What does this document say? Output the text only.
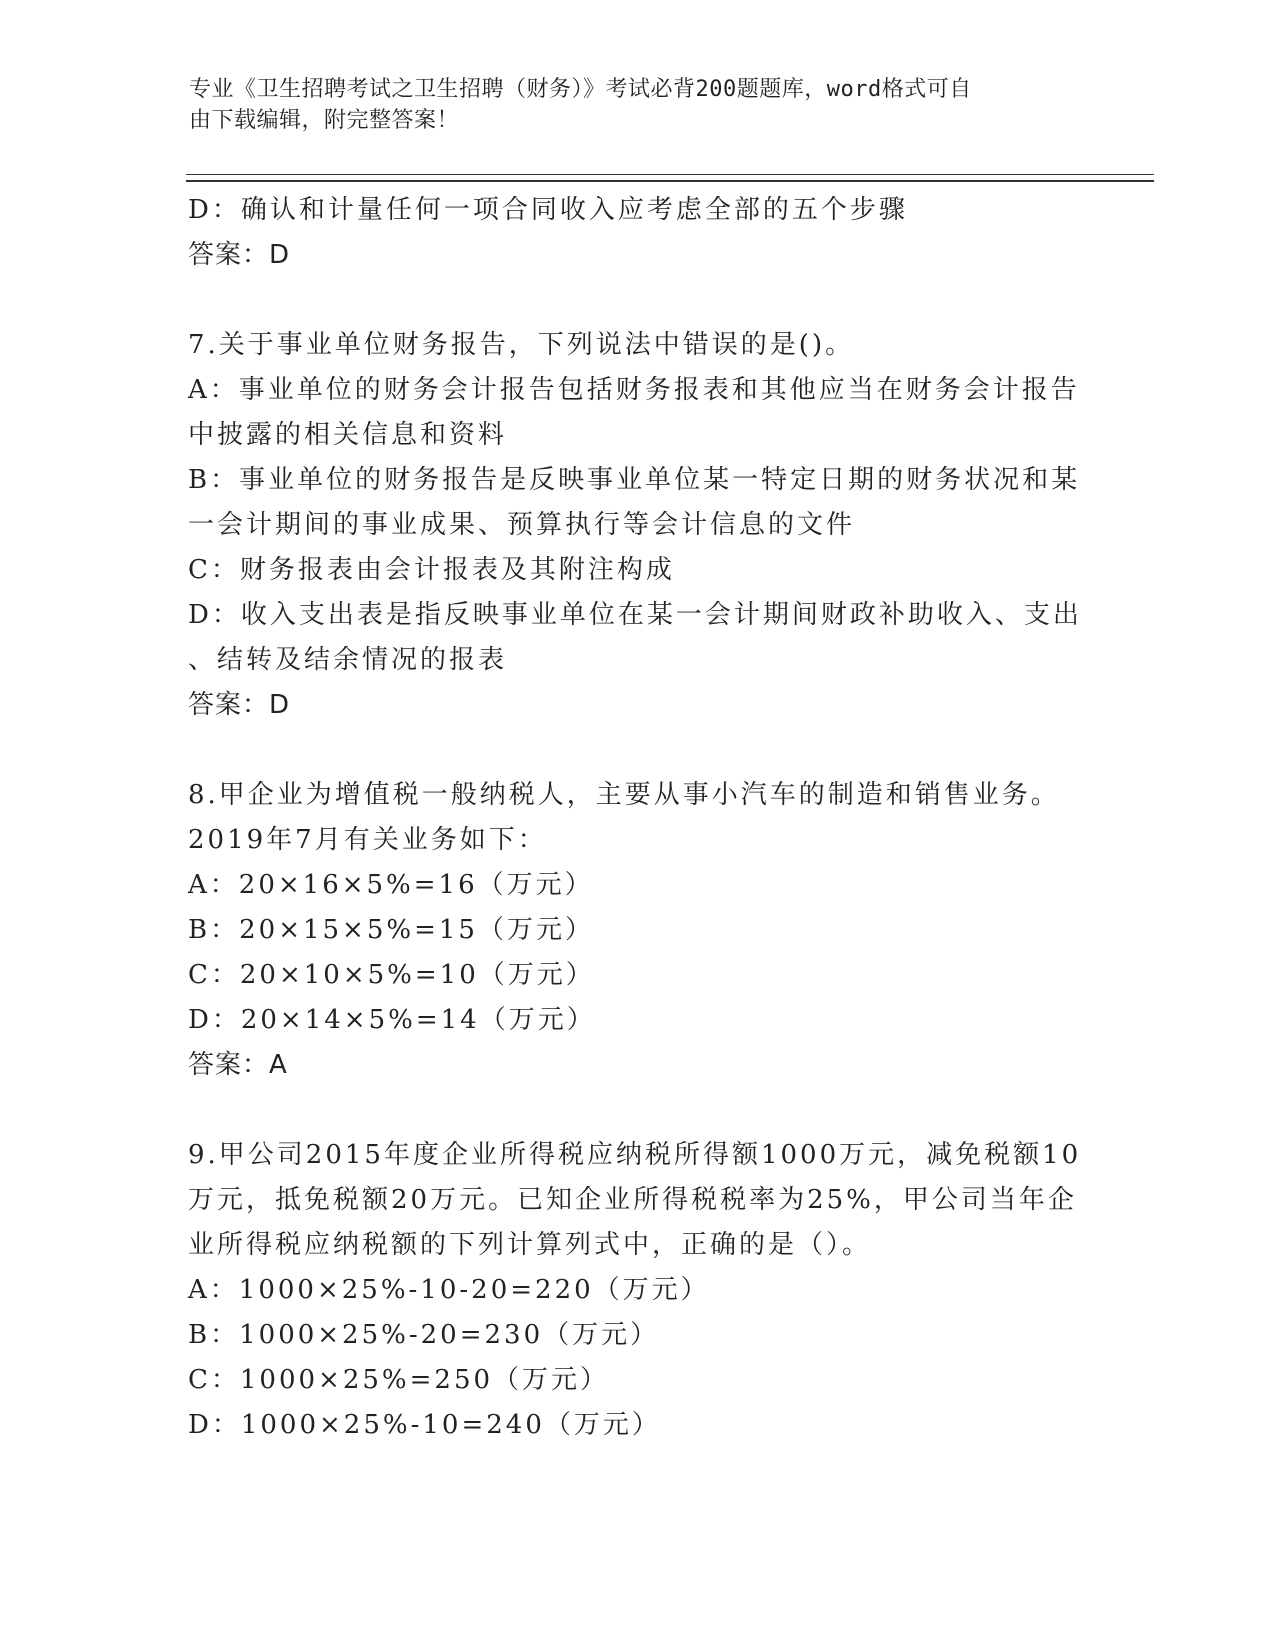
专业《卫生招聘考试之卫生招聘（财务）》考试必背200题题库，word格式可自
由下载编辑，附完整答案！

D：确认和计量任何一项合同收入应考虑全部的五个步骤

答案：D

7.关于事业单位财务报告，下列说法中错误的是()。

A：事业单位的财务会计报告包括财务报表和其他应当在财务会计报告

中披露的相关信息和资料

B：事业单位的财务报告是反映事业单位某一特定日期的财务状况和某

一会计期间的事业成果、预算执行等会计信息的文件

C：财务报表由会计报表及其附注构成

D：收入支出表是指反映事业单位在某一会计期间财政补助收入、支出

、结转及结余情况的报表

答案：D

8.甲企业为增值税一般纳税人，主要从事小汽车的制造和销售业务。

2019年7月有关业务如下：

A：20×16×5%=16（万元）

B：20×15×5%=15（万元）

C：20×10×5%=10（万元）

D：20×14×5%=14（万元）

答案：A

9.甲公司2015年度企业所得税应纳税所得额1000万元，减免税额10

万元，抵免税额20万元。已知企业所得税税率为25%，甲公司当年企

业所得税应纳税额的下列计算列式中，正确的是（）。

A：1000×25%-10-20=220（万元）

B：1000×25%-20=230（万元）

C：1000×25%=250（万元）

D：1000×25%-10=240（万元）
